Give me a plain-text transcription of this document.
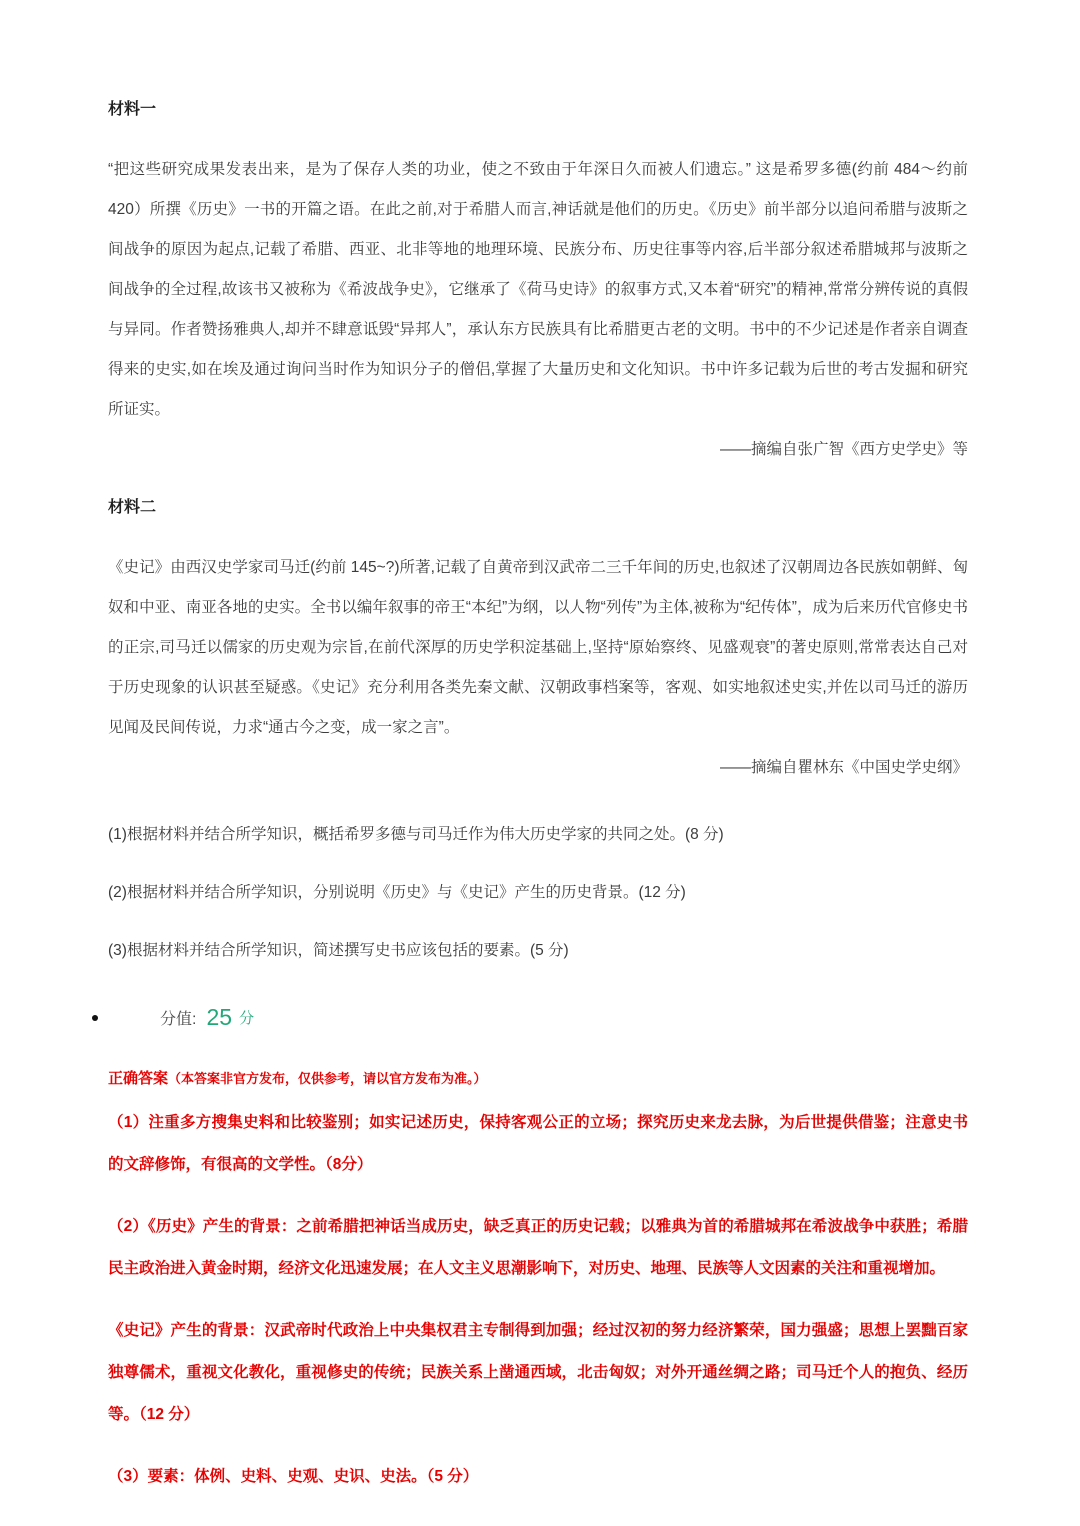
材料一

“把这些研究成果发表出来，是为了保存人类的功业，使之不致由于年深日久而被人们遗忘。” 这是希罗多德(约前 484～约前 420）所撰《历史》一书的开篇之语。在此之前,对于希腊人而言,神话就是他们的历史。《历史》前半部分以追问希腊与波斯之间战争的原因为起点,记载了希腊、西亚、北非等地的地理环境、民族分布、历史往事等内容,后半部分叙述希腊城邦与波斯之间战争的全过程,故该书又被称为《希波战争史》，它继承了《荷马史诗》的叙事方式,又本着“研究”的精神,常常分辨传说的真假与异同。作者赞扬雅典人,却并不肆意诋毁“异邦人”，承认东方民族具有比希腊更古老的文明。书中的不少记述是作者亲自调查得来的史实,如在埃及通过询问当时作为知识分子的僧侣,掌握了大量历史和文化知识。书中许多记载为后世的考古发掘和研究所证实。

——摘编自张广智《西方史学史》等
材料二

《史记》由西汉史学家司马迁(约前 145~?)所著,记载了自黄帝到汉武帝二三千年间的历史,也叙述了汉朝周边各民族如朝鲜、匈奴和中亚、南亚各地的史实。全书以编年叙事的帝王“本纪”为纲，以人物“列传”为主体,被称为“纪传体”，成为后来历代官修史书的正宗,司马迁以儒家的历史观为宗旨,在前代深厚的历史学积淀基础上,坚持“原始察终、见盛观衰”的著史原则,常常表达自己对于历史现象的认识甚至疑惑。《史记》充分利用各类先秦文献、汉朝政事档案等，客观、如实地叙述史实,并佐以司马迁的游历见闻及民间传说，力求“通古今之变，成一家之言”。

——摘编自瞿林东《中国史学史纲》

(1)根据材料并结合所学知识，概括希罗多德与司马迁作为伟大历史学家的共同之处。(8 分)

(2)根据材料并结合所学知识，分别说明《历史》与《史记》产生的历史背景。(12 分)

(3)根据材料并结合所学知识，简述撰写史书应该包括的要素。(5 分)

分值: 25 分
正确答案（本答案非官方发布，仅供参考，请以官方发布为准。）

（1）注重多方搜集史料和比较鉴别；如实记述历史，保持客观公正的立场；探究历史来龙去脉，为后世提供借鉴；注意史书的文辞修饰，有很高的文学性。（8分）

（2）《历史》产生的背景：之前希腊把神话当成历史，缺乏真正的历史记载；以雅典为首的希腊城邦在希波战争中获胜；希腊民主政治进入黄金时期，经济文化迅速发展；在人文主义思潮影响下，对历史、地理、民族等人文因素的关注和重视增加。

《史记》产生的背景：汉武帝时代政治上中央集权君主专制得到加强；经过汉初的努力经济繁荣，国力强盛；思想上罢黜百家独尊儒术，重视文化教化，重视修史的传统；民族关系上凿通西域，北击匈奴；对外开通丝绸之路；司马迁个人的抱负、经历等。（12 分）

（3）要素：体例、史料、史观、史识、史法。（5 分）
